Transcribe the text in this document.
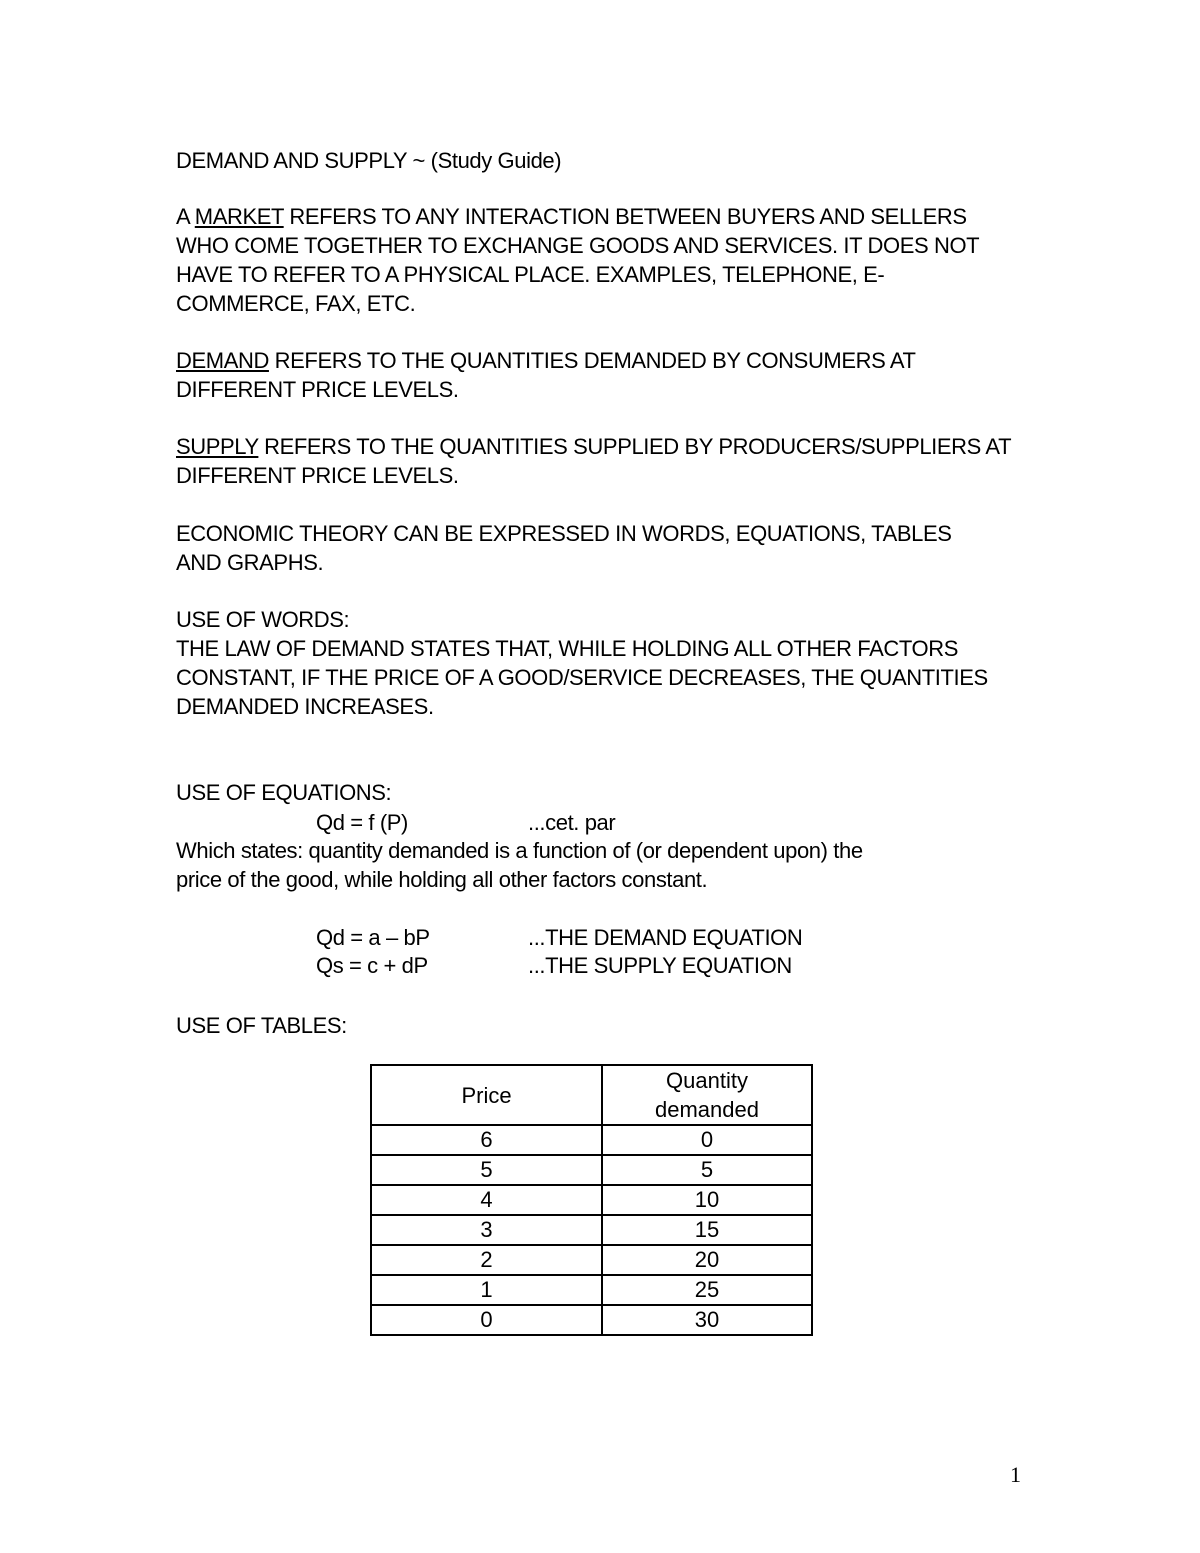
DEMAND AND SUPPLY ~ (Study Guide)

A MARKET REFERS TO ANY INTERACTION BETWEEN BUYERS AND SELLERS
WHO COME TOGETHER TO EXCHANGE GOODS AND SERVICES. IT DOES NOT
HAVE TO REFER TO A PHYSICAL PLACE. EXAMPLES, TELEPHONE, E-
COMMERCE, FAX, ETC.

DEMAND REFERS TO THE QUANTITIES DEMANDED BY CONSUMERS AT
DIFFERENT PRICE LEVELS.

SUPPLY REFERS TO THE QUANTITIES SUPPLIED BY PRODUCERS/SUPPLIERS AT
DIFFERENT PRICE LEVELS.

ECONOMIC THEORY CAN BE EXPRESSED IN WORDS, EQUATIONS, TABLES
AND GRAPHS.

USE OF WORDS:
THE LAW OF DEMAND STATES THAT, WHILE HOLDING ALL OTHER FACTORS
CONSTANT, IF THE PRICE OF A GOOD/SERVICE DECREASES, THE QUANTITIES
DEMANDED INCREASES.

USE OF EQUATIONS:
Qd = f (P)	...cet. par
Which states: quantity demanded is a function of (or dependent upon) the
price of the good, while holding all other factors constant.
Qd = a – bP	...THE DEMAND EQUATION
Qs = c + dP	...THE SUPPLY EQUATION

USE OF TABLES:

Price	Quantity
demanded

6	0
5	5
4	10
3	15
2	20
1	25
0	30
1
